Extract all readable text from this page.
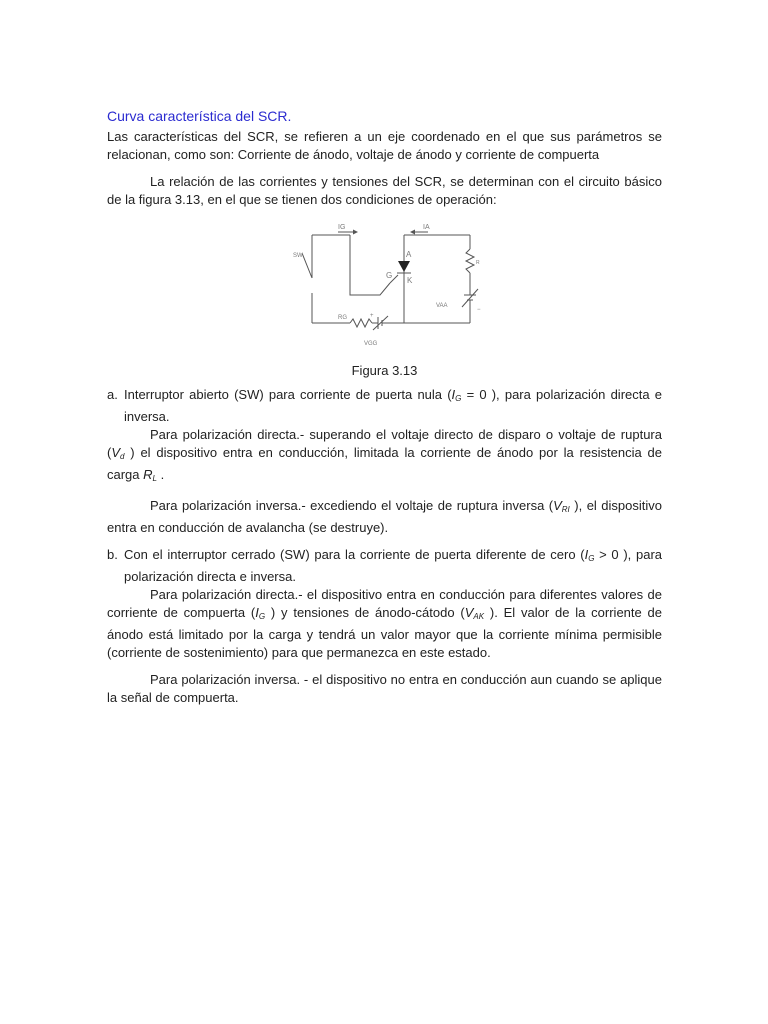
Curva característica del SCR.

Las características del SCR, se refieren a un eje coordenado en el que sus parámetros se relacionan, como son: Corriente de ánodo, voltaje de ánodo y corriente de compuerta

La relación de las corrientes y tensiones del SCR, se determinan con el circuito básico de la figura 3.13, en el que se tienen dos condiciones de operación:

IG	IA
SW	A
G
K
R
VAA
−
RG	+
VGG
Figura 3.13
a. Interruptor abierto (SW) para corriente de puerta nula ($I_G = 0$ ), para polarización directa e inversa.

Para polarización directa.- superando el voltaje directo de disparo o voltaje de ruptura ($V_d$ ) el dispositivo entra en conducción, limitada la corriente de ánodo por la resistencia de carga $R_L$ .

Para polarización inversa.- excediendo el voltaje de ruptura inversa ($V_{RI}$ ), el dispositivo entra en conducción de avalancha (se destruye).

b. Con el interruptor cerrado (SW) para la corriente de puerta diferente de cero ($I_G > 0$ ), para polarización directa e inversa.

Para polarización directa.- el dispositivo entra en conducción para diferentes valores de corriente de compuerta ($I_G$ ) y tensiones de ánodo-cátodo ($V_{AK}$ ). El valor de la corriente de ánodo está limitado por la carga y tendrá un valor mayor que la corriente mínima permisible (corriente de sostenimiento) para que permanezca en este estado.

Para polarización inversa. - el dispositivo no entra en conducción aun cuando se aplique la señal de compuerta.
